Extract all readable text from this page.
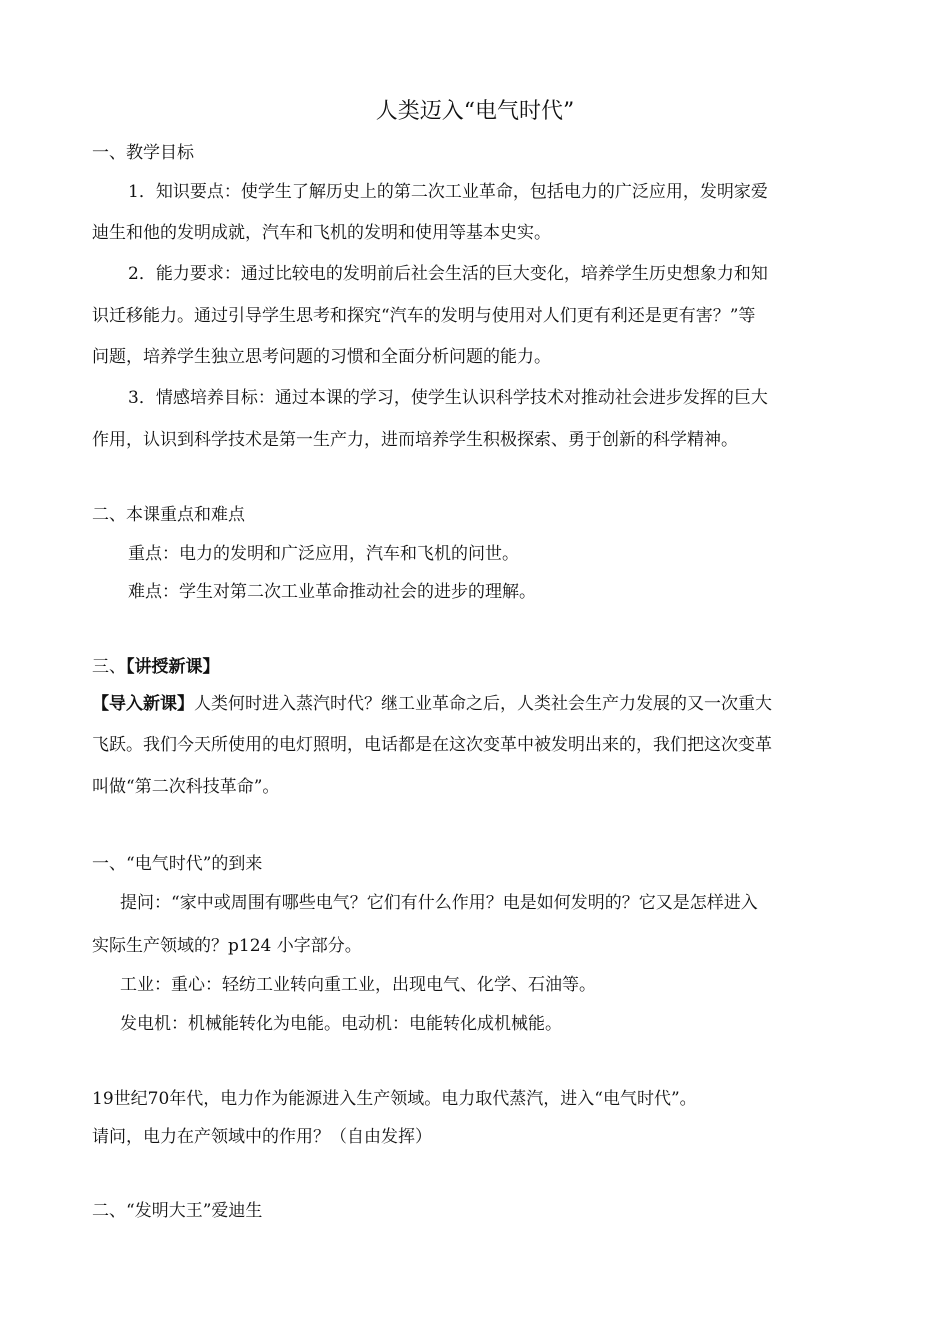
人类迈入“电气时代”
一、教学目标
1．知识要点：使学生了解历史上的第二次工业革命，包括电力的广泛应用，发明家爱
迪生和他的发明成就，汽车和飞机的发明和使用等基本史实。
2．能力要求：通过比较电的发明前后社会生活的巨大变化，培养学生历史想象力和知
识迁移能力。通过引导学生思考和探究“汽车的发明与使用对人们更有利还是更有害？”等
问题，培养学生独立思考问题的习惯和全面分析问题的能力。
3．情感培养目标：通过本课的学习，使学生认识科学技术对推动社会进步发挥的巨大
作用，认识到科学技术是第一生产力，进而培养学生积极探索、勇于创新的科学精神。
二、本课重点和难点
重点：电力的发明和广泛应用，汽车和飞机的问世。
难点：学生对第二次工业革命推动社会的进步的理解。
三、【讲授新课】
【导入新课】人类何时进入蒸汽时代？继工业革命之后，人类社会生产力发展的又一次重大
飞跃。我们今天所使用的电灯照明，电话都是在这次变革中被发明出来的，我们把这次变革
叫做“第二次科技革命”。
一、“电气时代”的到来
提问：“家中或周围有哪些电气？它们有什么作用？电是如何发明的？它又是怎样进入
实际生产领域的？p124 小字部分。
工业：重心：轻纺工业转向重工业，出现电气、化学、石油等。
发电机：机械能转化为电能。电动机：电能转化成机械能。
19世纪70年代，电力作为能源进入生产领域。电力取代蒸汽，进入“电气时代”。
请问，电力在产领域中的作用？（自由发挥）
二、“发明大王”爱迪生
